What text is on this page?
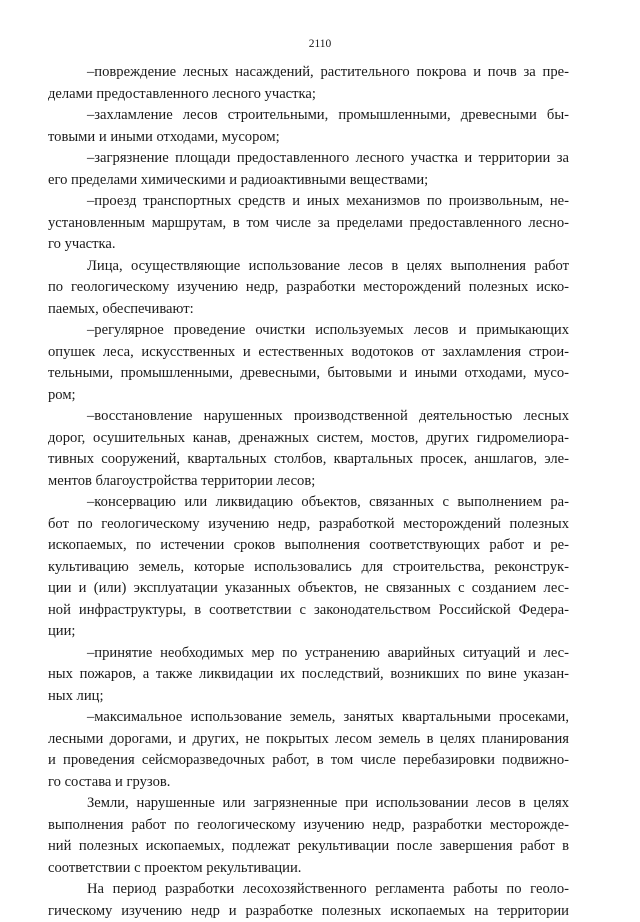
2110
–повреждение лесных насаждений, растительного покрова и почв за пре-
делами предоставленного лесного участка;
–захламление лесов строительными, промышленными, древесными бы-
товыми и иными отходами, мусором;
–загрязнение площади предоставленного лесного участка и территории за
его пределами химическими и радиоактивными веществами;
–проезд транспортных средств и иных механизмов по произвольным, не-
установленным маршрутам, в том числе за пределами предоставленного лесно-
го участка.
Лица, осуществляющие использование лесов в целях выполнения работ
по геологическому изучению недр, разработки месторождений полезных иско-
паемых, обеспечивают:
–регулярное проведение очистки используемых лесов и примыкающих
опушек леса, искусственных и естественных водотоков от захламления строи-
тельными, промышленными, древесными, бытовыми и иными отходами, мусо-
ром;
–восстановление нарушенных производственной деятельностью лесных
дорог, осушительных канав, дренажных систем, мостов, других гидромелиора-
тивных сооружений, квартальных столбов, квартальных просек, аншлагов, эле-
ментов благоустройства территории лесов;
–консервацию или ликвидацию объектов, связанных с выполнением ра-
бот по геологическому изучению недр, разработкой месторождений полезных
ископаемых, по истечении сроков выполнения соответствующих работ и ре-
культивацию земель, которые использовались для строительства, реконструк-
ции и (или) эксплуатации указанных объектов, не связанных с созданием лес-
ной инфраструктуры, в соответствии с законодательством Российской Федера-
ции;
–принятие необходимых мер по устранению аварийных ситуаций и лес-
ных пожаров, а также ликвидации их последствий, возникших по вине указан-
ных лиц;
–максимальное использование земель, занятых квартальными просеками,
лесными дорогами, и других, не покрытых лесом земель в целях планирования
и проведения сейсморазведочных работ, в том числе перебазировки подвижно-
го состава и грузов.
Земли, нарушенные или загрязненные при использовании лесов в целях
выполнения работ по геологическому изучению недр, разработки месторожде-
ний полезных ископаемых, подлежат рекультивации после завершения работ в
соответствии с проектом рекультивации.
На период разработки лесохозяйственного регламента работы по геоло-
гическому изучению недр и разработке полезных ископаемых на территории
